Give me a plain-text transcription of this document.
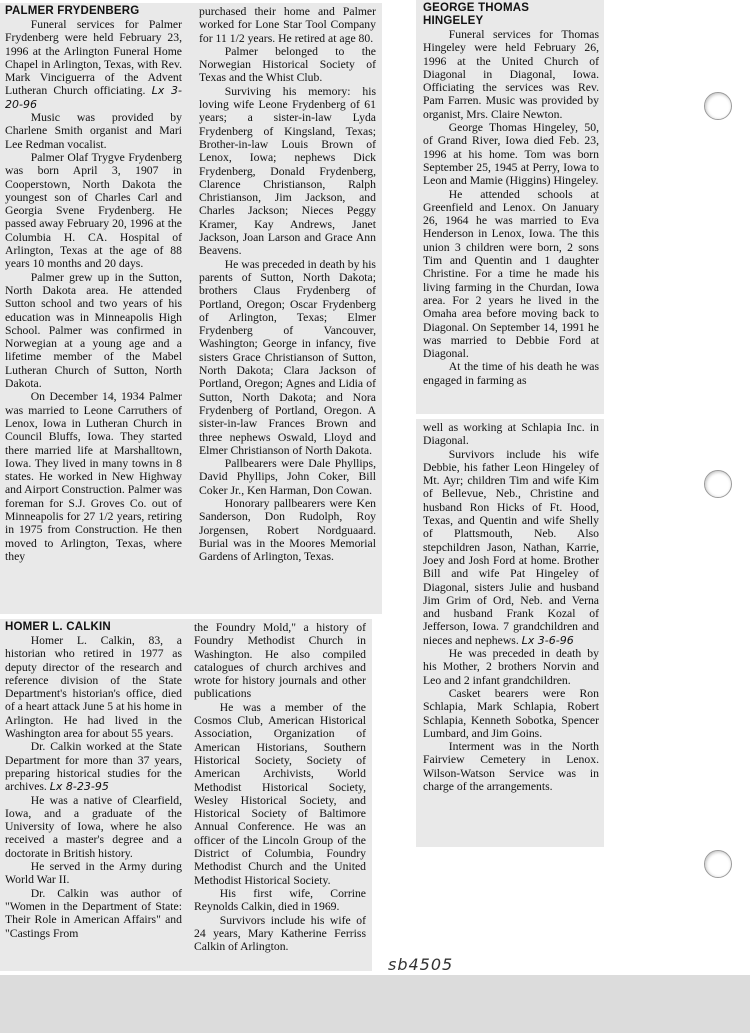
PALMER FRYDENBERG

Funeral services for Palmer Frydenberg were held February 23, 1996 at the Arlington Funeral Home Chapel in Arlington, Texas, with Rev. Mark Vinciguerra of the Advent Lutheran Church officiating. Lx 3-20-96

Music was provided by Charlene Smith organist and Mari Lee Redman vocalist.

Palmer Olaf Trygve Frydenberg was born April 3, 1907 in Cooperstown, North Dakota the youngest son of Charles Carl and Georgia Svene Frydenberg. He passed away February 20, 1996 at the Columbia H. CA. Hospital of Arlington, Texas at the age of 88 years 10 months and 20 days.

Palmer grew up in the Sutton, North Dakota area. He attended Sutton school and two years of his education was in Minneapolis High School. Palmer was confirmed in Norwegian at a young age and a lifetime member of the Mabel Lutheran Church of Sutton, North Dakota.

On December 14, 1934 Palmer was married to Leone Carruthers of Lenox, Iowa in Lutheran Church in Council Bluffs, Iowa. They started there married life at Marshalltown, Iowa. They lived in many towns in 8 states. He worked in New Highway and Airport Construction. Palmer was foreman for S.J. Groves Co. out of Minneapolis for 27 1/2 years, retiring in 1975 from Construction. He then moved to Arlington, Texas, where they

purchased their home and Palmer worked for Lone Star Tool Company for 11 1/2 years. He retired at age 80.

Palmer belonged to the Norwegian Historical Society of Texas and the Whist Club.

Surviving his memory: his loving wife Leone Frydenberg of 61 years; a sister-in-law Lyda Frydenberg of Kingsland, Texas; Brother-in-law Louis Brown of Lenox, Iowa; nephews Dick Frydenberg, Donald Frydenberg, Clarence Christianson, Ralph Christianson, Jim Jackson, and Charles Jackson; Nieces Peggy Kramer, Kay Andrews, Janet Jackson, Joan Larson and Grace Ann Beavens.

He was preceded in death by his parents of Sutton, North Dakota; brothers Claus Frydenberg of Portland, Oregon; Oscar Frydenberg of Arlington, Texas; Elmer Frydenberg of Vancouver, Washington; George in infancy, five sisters Grace Christianson of Sutton, North Dakota; Clara Jackson of Portland, Oregon; Agnes and Lidia of Sutton, North Dakota; and Nora Frydenberg of Portland, Oregon. A sister-in-law Frances Brown and three nephews Oswald, Lloyd and Elmer Christianson of North Dakota.

Pallbearers were Dale Phyllips, David Phyllips, John Coker, Bill Coker Jr., Ken Harman, Don Cowan.

Honorary pallbearers were Ken Sanderson, Don Rudolph, Roy Jorgensen, Robert Nordguaard. Burial was in the Moores Memorial Gardens of Arlington, Texas.

HOMER L. CALKIN

Homer L. Calkin, 83, a historian who retired in 1977 as deputy director of the research and reference division of the State Department's historian's office, died of a heart attack June 5 at his home in Arlington. He had lived in the Washington area for about 55 years.

Dr. Calkin worked at the State Department for more than 37 years, preparing historical studies for the archives. Lx 8-23-95

He was a native of Clearfield, Iowa, and a graduate of the University of Iowa, where he also received a master's degree and a doctorate in British history.

He served in the Army during World War II.

Dr. Calkin was author of "Women in the Department of State: Their Role in American Affairs" and "Castings From

the Foundry Mold," a history of Foundry Methodist Church in Washington. He also compiled catalogues of church archives and wrote for history journals and other publications

He was a member of the Cosmos Club, American Historical Association, Organization of American Historians, Southern Historical Society, Society of American Archivists, World Methodist Historical Society, Wesley Historical Society, and Historical Society of Baltimore Annual Conference. He was an officer of the Lincoln Group of the District of Columbia, Foundry Methodist Church and the United Methodist Historical Society.

His first wife, Corrine Reynolds Calkin, died in 1969.

Survivors include his wife of 24 years, Mary Katherine Ferriss Calkin of Arlington.

GEORGE THOMAS
HINGELEY

Funeral services for Thomas Hingeley were held February 26, 1996 at the United Church of Diagonal in Diagonal, Iowa. Officiating the services was Rev. Pam Farren. Music was provided by organist, Mrs. Claire Newton.

George Thomas Hingeley, 50, of Grand River, Iowa died Feb. 23, 1996 at his home. Tom was born September 25, 1945 at Perry, Iowa to Leon and Mamie (Higgins) Hingeley.

He attended schools at Greenfield and Lenox. On January 26, 1964 he was married to Eva Henderson in Lenox, Iowa. The this union 3 children were born, 2 sons Tim and Quentin and 1 daughter Christine. For a time he made his living farming in the Churdan, Iowa area. For 2 years he lived in the Omaha area before moving back to Diagonal. On September 14, 1991 he was married to Debbie Ford at Diagonal.

At the time of his death he was engaged in farming as

well as working at Schlapia Inc. in Diagonal.

Survivors include his wife Debbie, his father Leon Hingeley of Mt. Ayr; children Tim and wife Kim of Bellevue, Neb., Christine and husband Ron Hicks of Ft. Hood, Texas, and Quentin and wife Shelly of Plattsmouth, Neb. Also stepchildren Jason, Nathan, Karrie, Joey and Josh Ford at home. Brother Bill and wife Pat Hingeley of Diagonal, sisters Julie and husband Jim Grim of Ord, Neb. and Verna and husband Frank Kozal of Jefferson, Iowa. 7 grandchildren and nieces and nephews. Lx 3-6-96

He was preceded in death by his Mother, 2 brothers Norvin and Leo and 2 infant grandchildren.

Casket bearers were Ron Schlapia, Mark Schlapia, Robert Schlapia, Kenneth Sobotka, Spencer Lumbard, and Jim Goins.

Interment was in the North Fairview Cemetery in Lenox. Wilson-Watson Service was in charge of the arrangements.

sb4505
